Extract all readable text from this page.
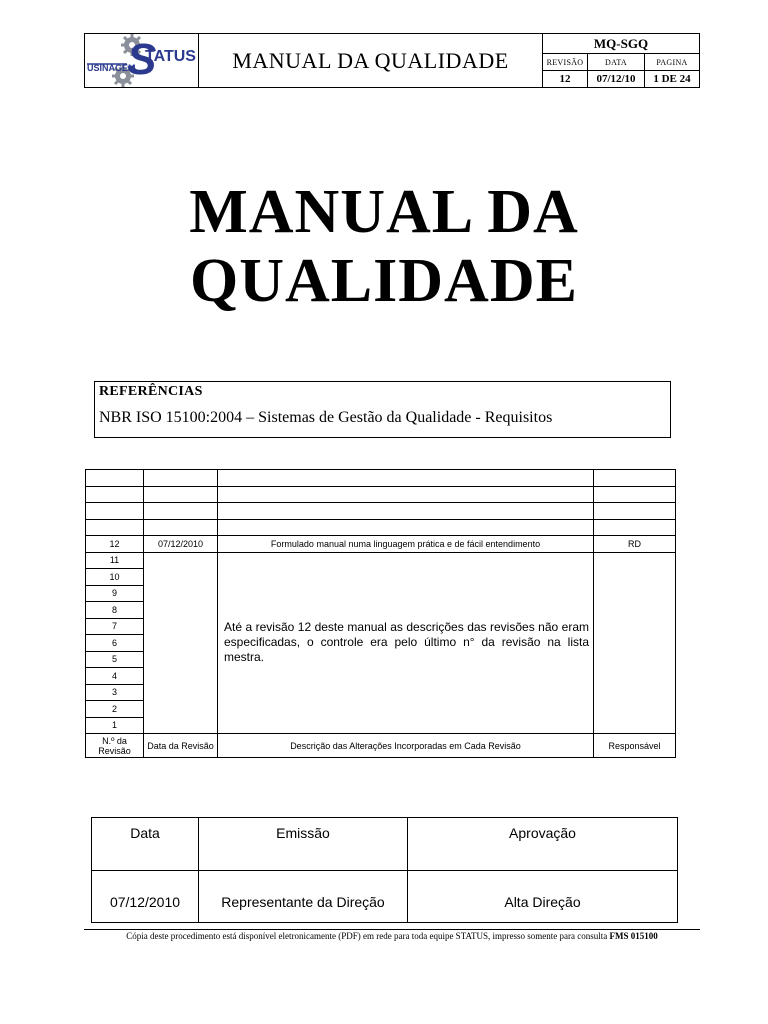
S
TATUS
USINAGEM	MANUAL DA QUALIDADE
MQ-SGQ
REVISÃO	DATA	PAGINA
12	07/12/10	1 DE 24
MANUAL DA
QUALIDADE
REFERÊNCIAS
NBR ISO 15100:2004 – Sistemas de Gestão da Qualidade - Requisitos

12	07/12/2010	Formulado manual numa linguagem prática e de fácil entendimento	RD
11		Até a revisão 12 deste manual as descrições das revisões não eram especificadas, o controle era pelo último n° da revisão na lista mestra.	
10			
9			
8			
7			
6			
5			
4			
3			
2			
1			
N.º da Revisão	Data da Revisão	Descrição das Alterações Incorporadas em Cada Revisão	Responsável
Data	Emissão	Aprovação
07/12/2010	Representante da Direção	Alta Direção
Cópia deste procedimento está disponível eletronicamente (PDF) em rede para toda equipe STATUS, impresso somente para consulta FMS 015100
